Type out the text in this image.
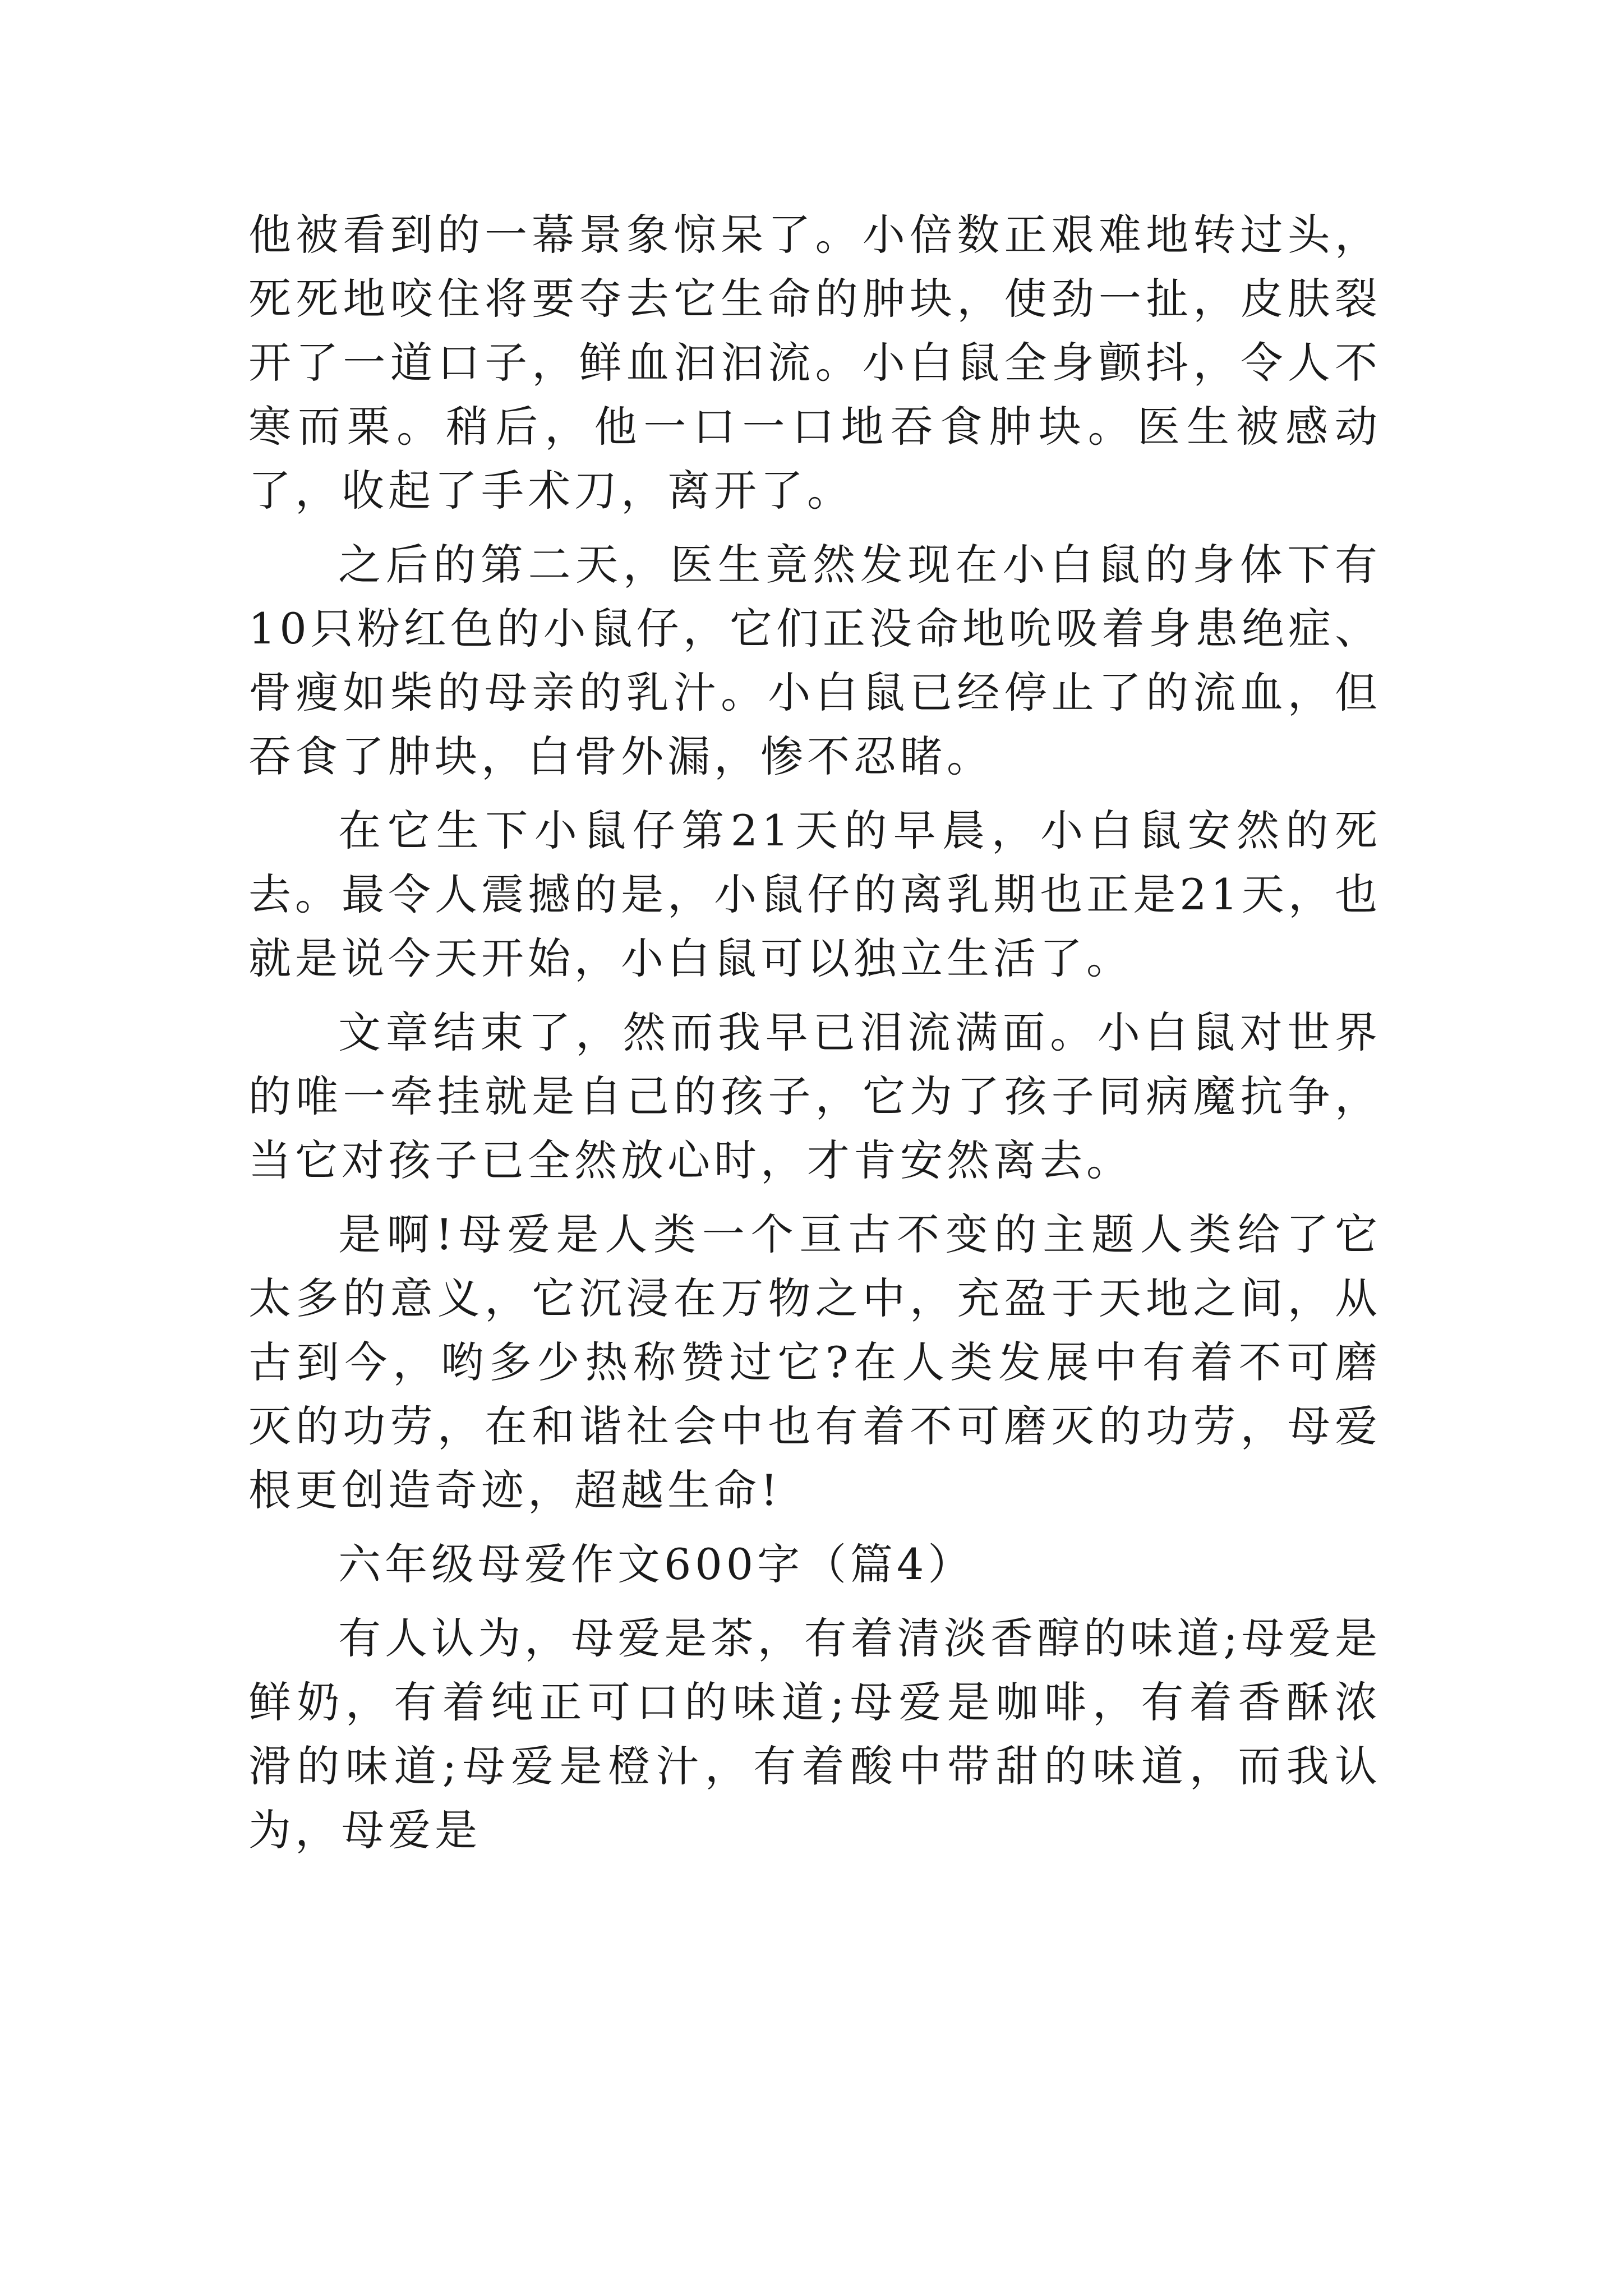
他被看到的一幕景象惊呆了。小倍数正艰难地转过头，死死地咬住将要夺去它生命的肿块，使劲一扯，皮肤裂开了一道口子，鲜血汩汩流。小白鼠全身颤抖，令人不寒而栗。稍后，他一口一口地吞食肿块。医生被感动了，收起了手术刀，离开了。

之后的第二天，医生竟然发现在小白鼠的身体下有10只粉红色的小鼠仔，它们正没命地吮吸着身患绝症、骨瘦如柴的母亲的乳汁。小白鼠已经停止了的流血，但吞食了肿块，白骨外漏，惨不忍睹。

在它生下小鼠仔第21天的早晨，小白鼠安然的死去。最令人震撼的是，小鼠仔的离乳期也正是21天，也就是说今天开始，小白鼠可以独立生活了。

文章结束了，然而我早已泪流满面。小白鼠对世界的唯一牵挂就是自己的孩子，它为了孩子同病魔抗争，当它对孩子已全然放心时，才肯安然离去。

是啊!母爱是人类一个亘古不变的主题人类给了它太多的意义，它沉浸在万物之中，充盈于天地之间，从古到今，哟多少热称赞过它?在人类发展中有着不可磨灭的功劳，在和谐社会中也有着不可磨灭的功劳，母爱根更创造奇迹，超越生命!

六年级母爱作文600字（篇4）

有人认为，母爱是茶，有着清淡香醇的味道;母爱是鲜奶，有着纯正可口的味道;母爱是咖啡，有着香酥浓滑的味道;母爱是橙汁，有着酸中带甜的味道，而我认为，母爱是
